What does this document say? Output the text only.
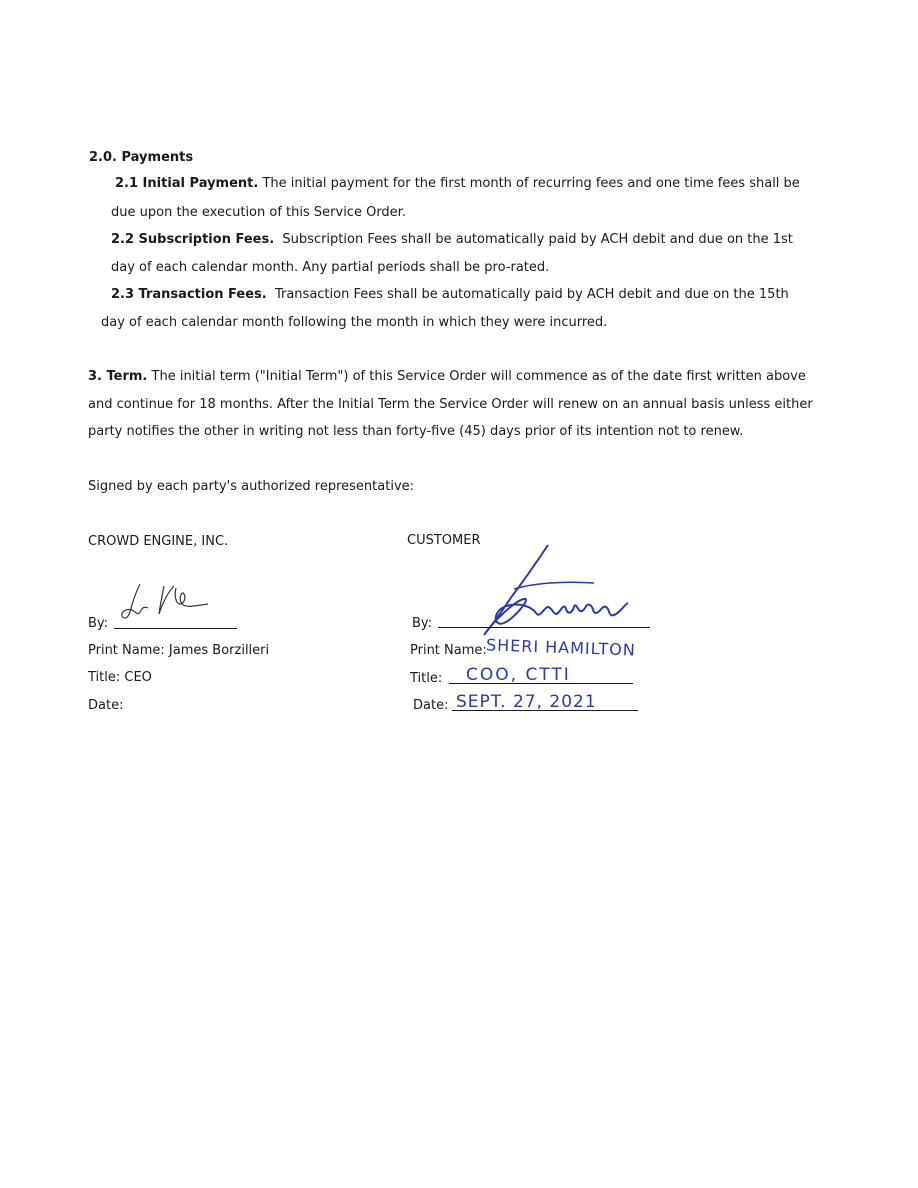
2.0. Payments
2.1 Initial Payment. The initial payment for the first month of recurring fees and one time fees shall be
due upon the execution of this Service Order.
2.2 Subscription Fees. Subscription Fees shall be automatically paid by ACH debit and due on the 1st
day of each calendar month. Any partial periods shall be pro-rated.
2.3 Transaction Fees. Transaction Fees shall be automatically paid by ACH debit and due on the 15th
day of each calendar month following the month in which they were incurred.
3. Term. The initial term ("Initial Term") of this Service Order will commence as of the date first written above
and continue for 18 months. After the Initial Term the Service Order will renew on an annual basis unless either
party notifies the other in writing not less than forty-five (45) days prior of its intention not to renew.
Signed by each party's authorized representative:
CROWD ENGINE, INC.
By:
Print Name: James Borzilleri
Title: CEO
Date:
CUSTOMER
By:
Print Name:
SHERI HAMILTON
Title: COO, CTTI
Date: SEPT. 27, 2021
